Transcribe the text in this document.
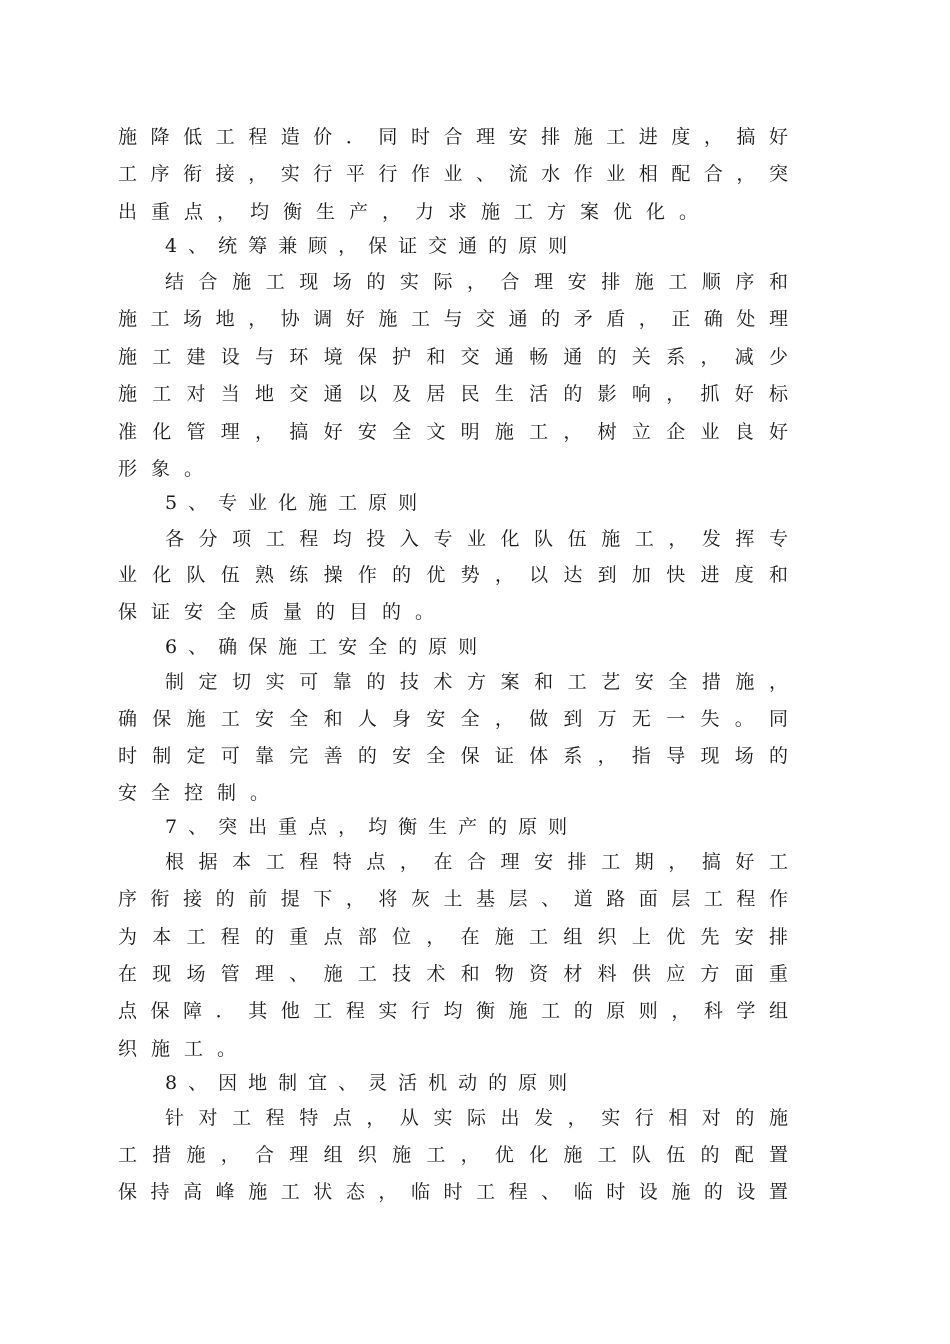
施降低工程造价．同时合理安排施工进度，搞好
工序衔接，实行平行作业、流水作业相配合，突
出重点，均衡生产，力求施工方案优化。
4、统筹兼顾，保证交通的原则
结合施工现场的实际，合理安排施工顺序和
施工场地，协调好施工与交通的矛盾，正确处理
施工建设与环境保护和交通畅通的关系，减少
施工对当地交通以及居民生活的影响，抓好标
准化管理，搞好安全文明施工，树立企业良好
形象。
5、专业化施工原则
各分项工程均投入专业化队伍施工，发挥专
业化队伍熟练操作的优势，以达到加快进度和
保证安全质量的目的。
6、确保施工安全的原则
制定切实可靠的技术方案和工艺安全措施，
确保施工安全和人身安全，做到万无一失。同
时制定可靠完善的安全保证体系，指导现场的
安全控制。
7、突出重点，均衡生产的原则
根据本工程特点，在合理安排工期，搞好工
序衔接的前提下，将灰土基层、道路面层工程作
为本工程的重点部位，在施工组织上优先安排
在现场管理、施工技术和物资材料供应方面重
点保障．其他工程实行均衡施工的原则，科学组
织施工。
8、因地制宜、灵活机动的原则
针对工程特点，从实际出发，实行相对的施
工措施，合理组织施工，优化施工队伍的配置
保持高峰施工状态，临时工程、临时设施的设置
